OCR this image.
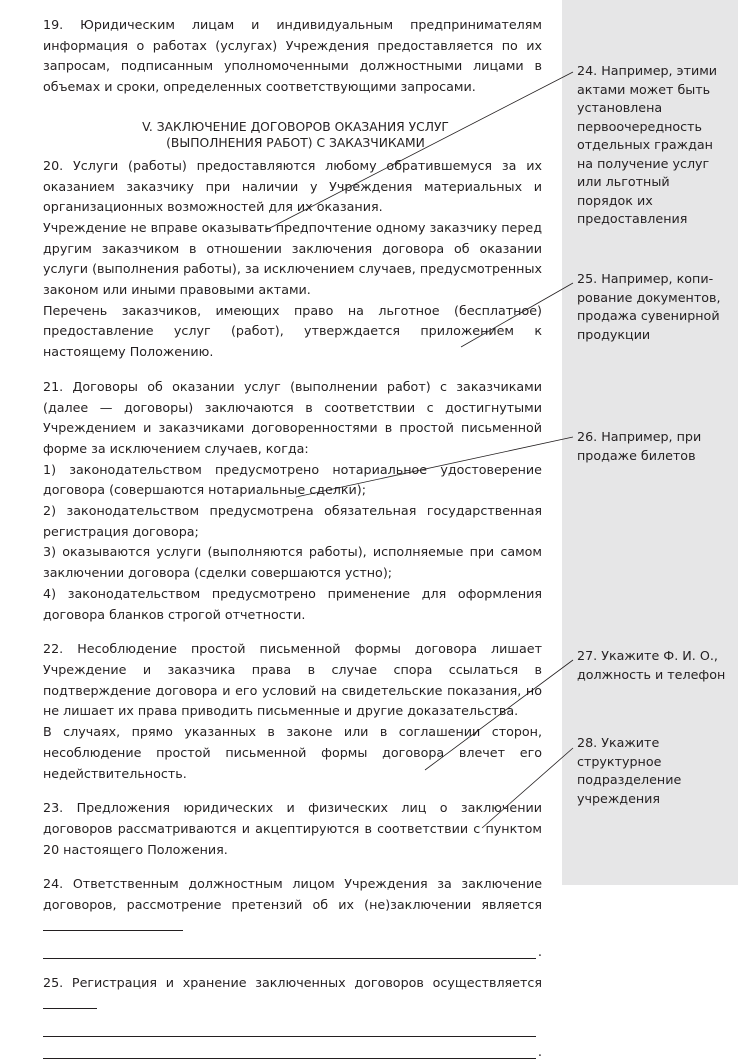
19. Юридическим лицам и индивидуальным предпринимателям информация о работах (услугах) Учреждения предоставляется по их запросам, подписанным уполномоченными должностными лицами в объемах и сроки, определенных соответствующими запросами.

V. ЗАКЛЮЧЕНИЕ ДОГОВОРОВ ОКАЗАНИЯ УСЛУГ

(ВЫПОЛНЕНИЯ РАБОТ) С ЗАКАЗЧИКАМИ

20. Услуги (работы) предоставляются любому обратившемуся за их оказанием заказчику при наличии у Учреждения материальных и организационных возможностей для их оказания.

Учреждение не вправе оказывать предпочтение одному заказчику перед другим заказчиком в отношении заключения договора об оказании услуги (выполнения работы), за исключением случаев, предусмотренных законом или иными правовыми актами.

Перечень заказчиков, имеющих право на льготное (бесплатное) предоставление услуг (работ), утверждается приложением к настоящему Положению.

21. Договоры об оказании услуг (выполнении работ) с заказчиками (далее — договоры) заключаются в соответствии с достигнутыми Учреждением и заказчиками договоренностями в простой письменной форме за исключением случаев, когда:

1) законодательством предусмотрено нотариальное удостоверение договора (совершаются нотариальные сделки);

2) законодательством предусмотрена обязательная государственная регистрация договора;

3) оказываются услуги (выполняются работы), исполняемые при самом заключении договора (сделки совершаются устно);

4) законодательством предусмотрено применение для оформления договора бланков строгой отчетности.

22. Несоблюдение простой письменной формы договора лишает Учреждение и заказчика права в случае спора ссылаться в подтверждение договора и его условий на свидетельские показания, но не лишает их права приводить письменные и другие доказательства.

В случаях, прямо указанных в законе или в соглашении сторон, несоблюдение простой письменной формы договора влечет его недействительность.

23. Предложения юридических и физических лиц о заключении договоров рассматриваются и акцептируются в соответствии с пунктом 20 настоящего Положения.

24. Ответственным должностным лицом Учреждения за заключение договоров, рассмотрение претензий об их (не)заключении является

.

25. Регистрация и хранение заключенных договоров осуществляется

.

24. Например, этими актами может быть установлена первоочередность отдельных граждан на получение услуг или льготный порядок их предоставления

25. Например, копирование документов, продажа сувенирной продукции

26. Например, при продаже билетов

27. Укажите Ф. И. О., должность и телефон

28. Укажите структурное подразделение учреждения
